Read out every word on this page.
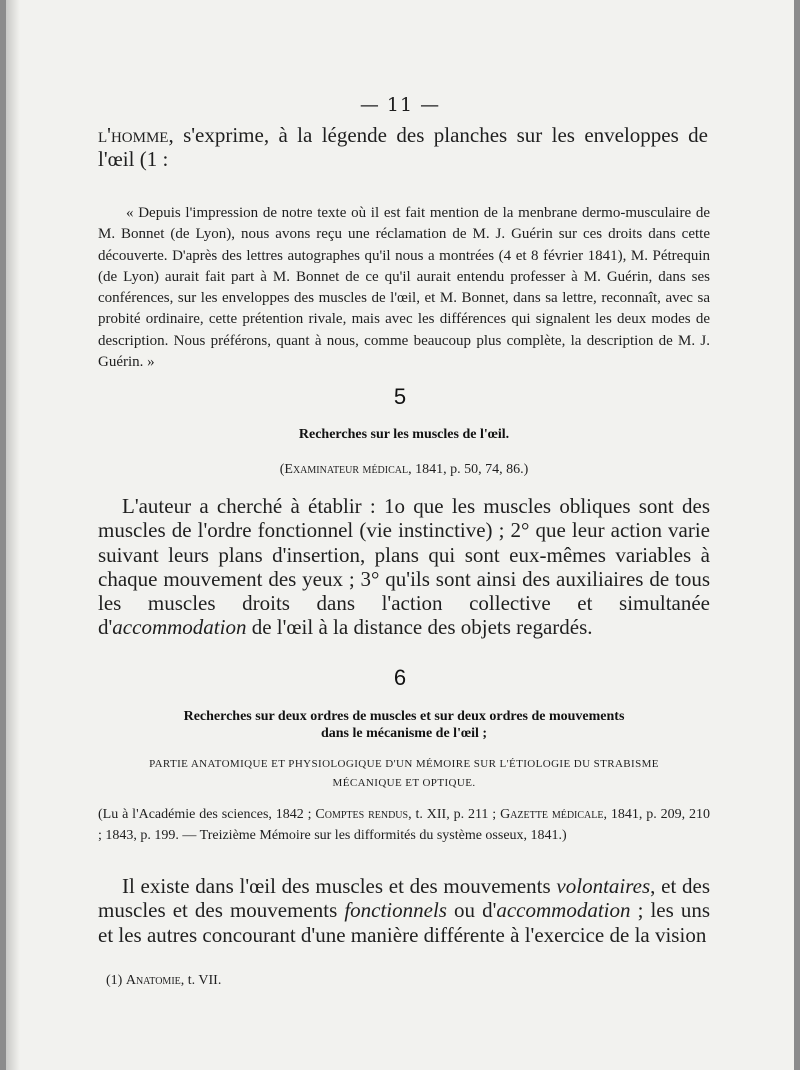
— 11 —
l'homme, s'exprime, à la légende des planches sur les enveloppes de l'œil (1 :
« Depuis l'impression de notre texte où il est fait mention de la menbrane dermo-musculaire de M. Bonnet (de Lyon), nous avons reçu une réclamation de M. J. Guérin sur ces droits dans cette découverte. D'après des lettres autographes qu'il nous a montrées (4 et 8 février 1841), M. Pétrequin (de Lyon) aurait fait part à M. Bonnet de ce qu'il aurait entendu professer à M. Guérin, dans ses conférences, sur les enveloppes des muscles de l'œil, et M. Bonnet, dans sa lettre, reconnaît, avec sa probité ordinaire, cette prétention rivale, mais avec les différences qui signalent les deux modes de description. Nous préférons, quant à nous, comme beaucoup plus complète, la description de M. J. Guérin. »
5
Recherches sur les muscles de l'œil.
(Examinateur médical, 1841, p. 50, 74, 86.)
L'auteur a cherché à établir : 1o que les muscles obliques sont des muscles de l'ordre fonctionnel (vie instinctive) ; 2° que leur action varie suivant leurs plans d'insertion, plans qui sont eux-mêmes variables à chaque mouvement des yeux ; 3° qu'ils sont ainsi des auxiliaires de tous les muscles droits dans l'action collective et simultanée d'accommodation de l'œil à la distance des objets regardés.
6
Recherches sur deux ordres de muscles et sur deux ordres de mouvements
dans le mécanisme de l'œil ;
PARTIE ANATOMIQUE ET PHYSIOLOGIQUE D'UN MÉMOIRE SUR L'ÉTIOLOGIE DU STRABISME
MÉCANIQUE ET OPTIQUE.
(Lu à l'Académie des sciences, 1842 ; Comptes rendus, t. XII, p. 211 ; Gazette médicale, 1841, p. 209, 210 ; 1843, p. 199. — Treizième Mémoire sur les difformités du système osseux, 1841.)
Il existe dans l'œil des muscles et des mouvements volontaires, et des muscles et des mouvements fonctionnels ou d'accommodation ; les uns et les autres concourant d'une manière différente à l'exercice de la vision
(1) Anatomie, t. VII.
